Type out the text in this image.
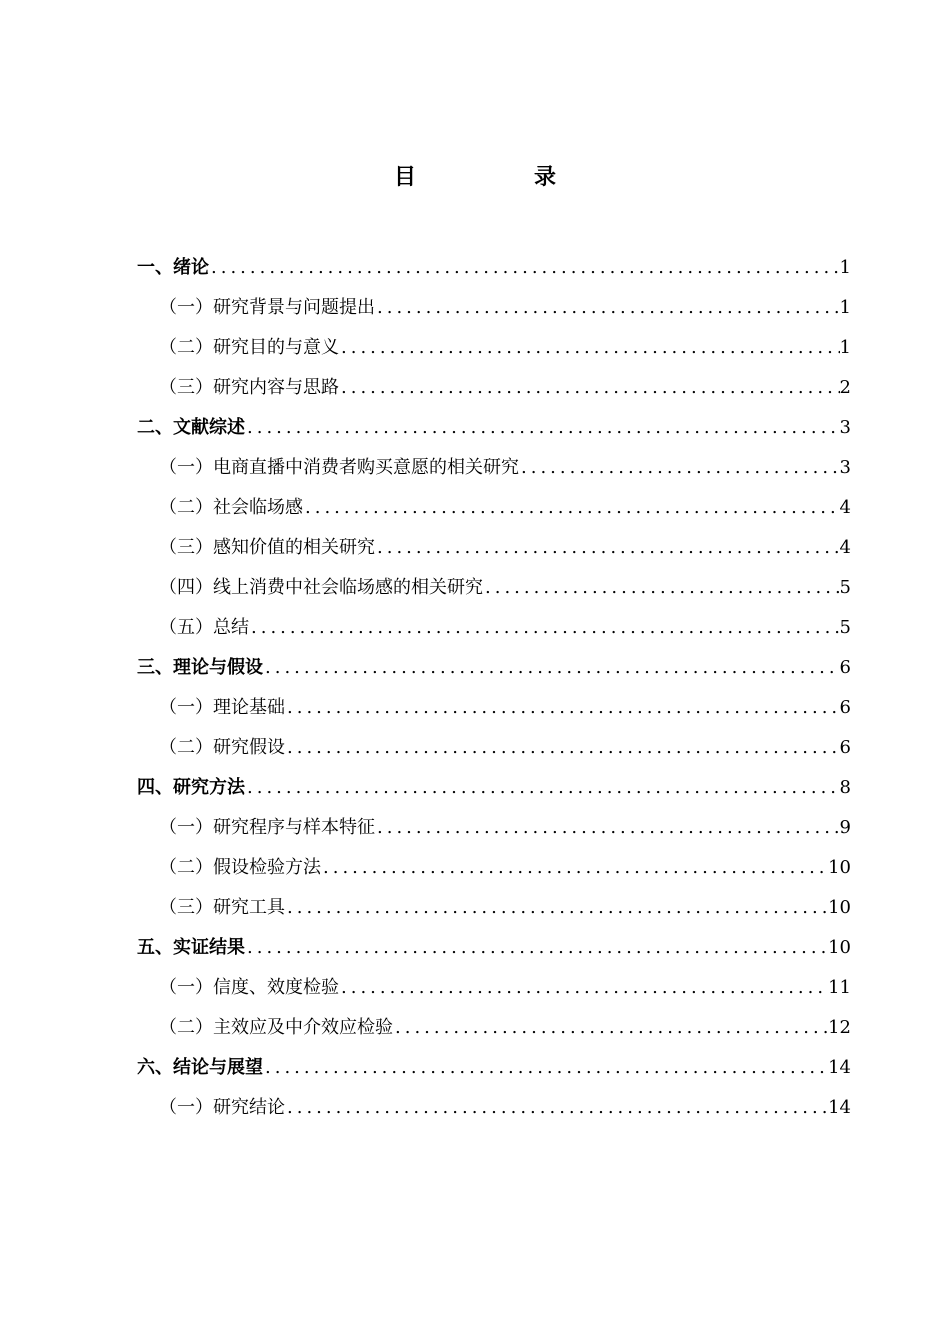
目　录
一、绪论 .....	1
（一）研究背景与问题提出 .....	1
（二）研究目的与意义 .....	1
（三）研究内容与思路 .....	2
二、文献综述 .....	3
（一）电商直播中消费者购买意愿的相关研究 .....	3
（二）社会临场感 .....	4
（三）感知价值的相关研究 .....	4
（四）线上消费中社会临场感的相关研究 .....	5
（五）总结 .....	5
三、理论与假设 .....	6
（一）理论基础 .....	6
（二）研究假设 .....	6
四、研究方法 .....	8
（一）研究程序与样本特征 .....	9
（二）假设检验方法 .....	10
（三）研究工具 .....	10
五、实证结果 .....	10
（一）信度、效度检验 .....	11
（二）主效应及中介效应检验 .....	12
六、结论与展望 .....	14
（一）研究结论 .....	14
